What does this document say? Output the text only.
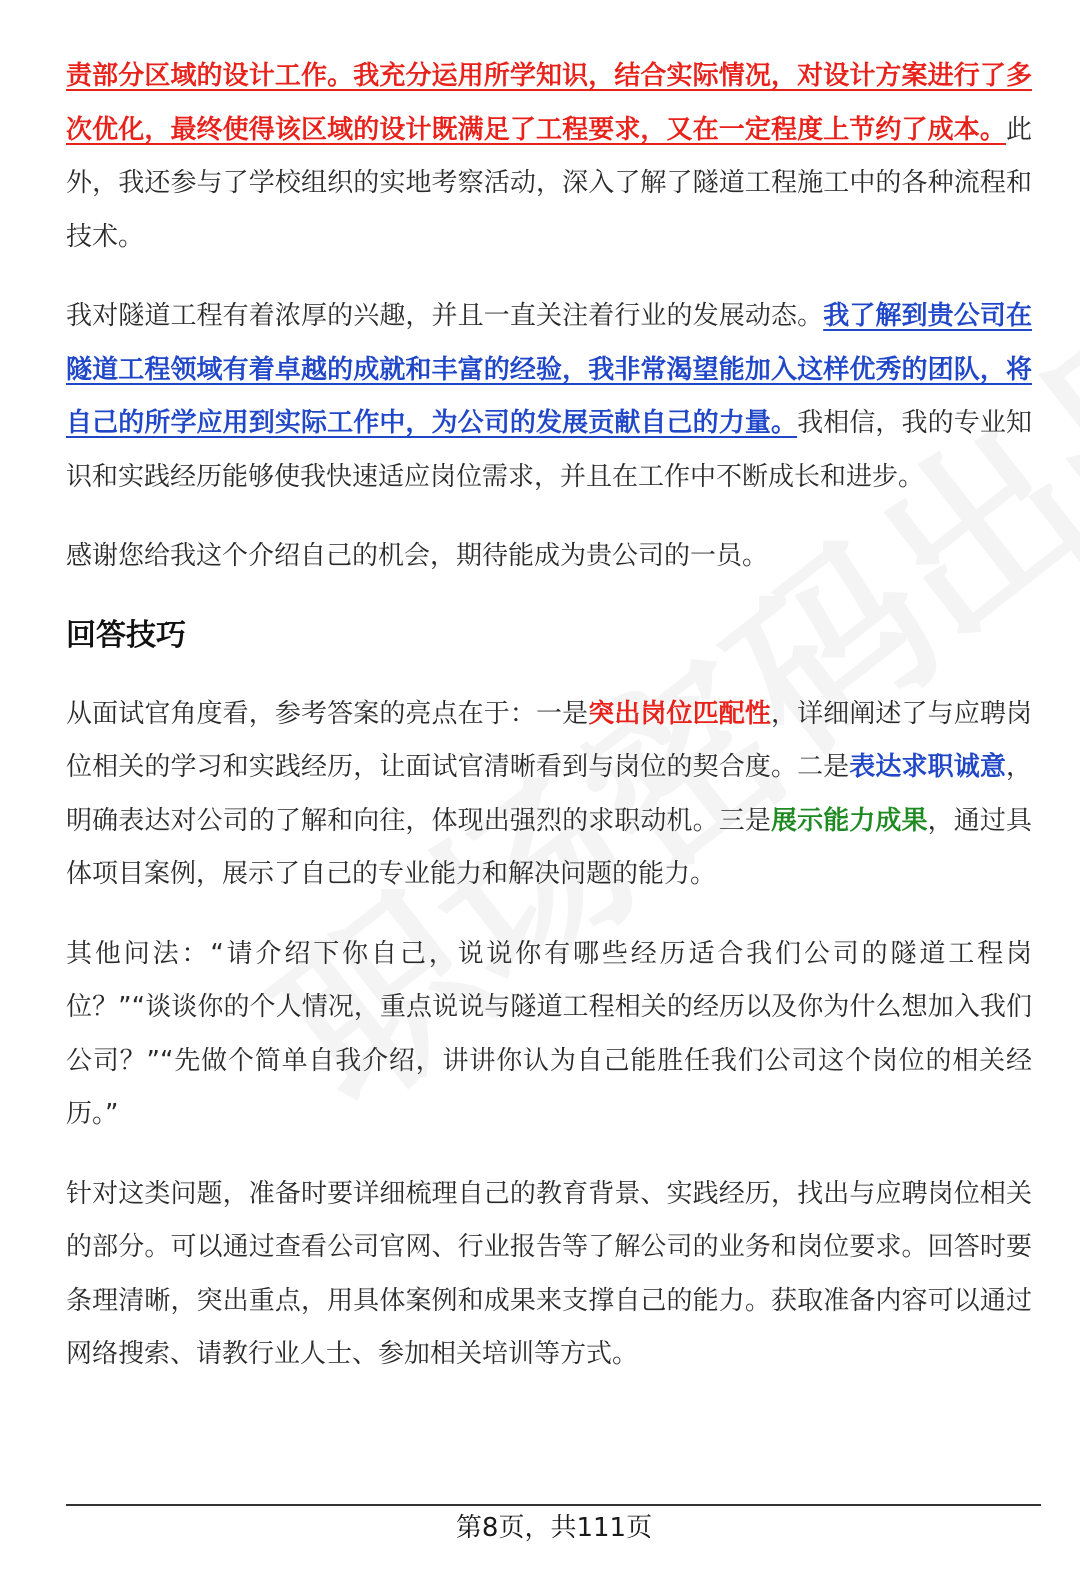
责部分区域的设计工作。我充分运用所学知识，结合实际情况，对设计方案进行了多次优化，最终使得该区域的设计既满足了工程要求，又在一定程度上节约了成本。此外，我还参与了学校组织的实地考察活动，深入了解了隧道工程施工中的各种流程和技术。

我对隧道工程有着浓厚的兴趣，并且一直关注着行业的发展动态。我了解到贵公司在隧道工程领域有着卓越的成就和丰富的经验，我非常渴望能加入这样优秀的团队，将自己的所学应用到实际工作中，为公司的发展贡献自己的力量。我相信，我的专业知识和实践经历能够使我快速适应岗位需求，并且在工作中不断成长和进步。

感谢您给我这个介绍自己的机会，期待能成为贵公司的一员。

回答技巧

从面试官角度看，参考答案的亮点在于：一是突出岗位匹配性，详细阐述了与应聘岗位相关的学习和实践经历，让面试官清晰看到与岗位的契合度。二是表达求职诚意，明确表达对公司的了解和向往，体现出强烈的求职动机。三是展示能力成果，通过具体项目案例，展示了自己的专业能力和解决问题的能力。

其他问法：“请介绍下你自己，说说你有哪些经历适合我们公司的隧道工程岗位？”“谈谈你的个人情况，重点说说与隧道工程相关的经历以及你为什么想加入我们公司？”“先做个简单自我介绍，讲讲你认为自己能胜任我们公司这个岗位的相关经历。”

针对这类问题，准备时要详细梳理自己的教育背景、实践经历，找出与应聘岗位相关的部分。可以通过查看公司官网、行业报告等了解公司的业务和岗位要求。回答时要条理清晰，突出重点，用具体案例和成果来支撑自己的能力。获取准备内容可以通过网络搜索、请教行业人士、参加相关培训等方式。

第8页，共111页
